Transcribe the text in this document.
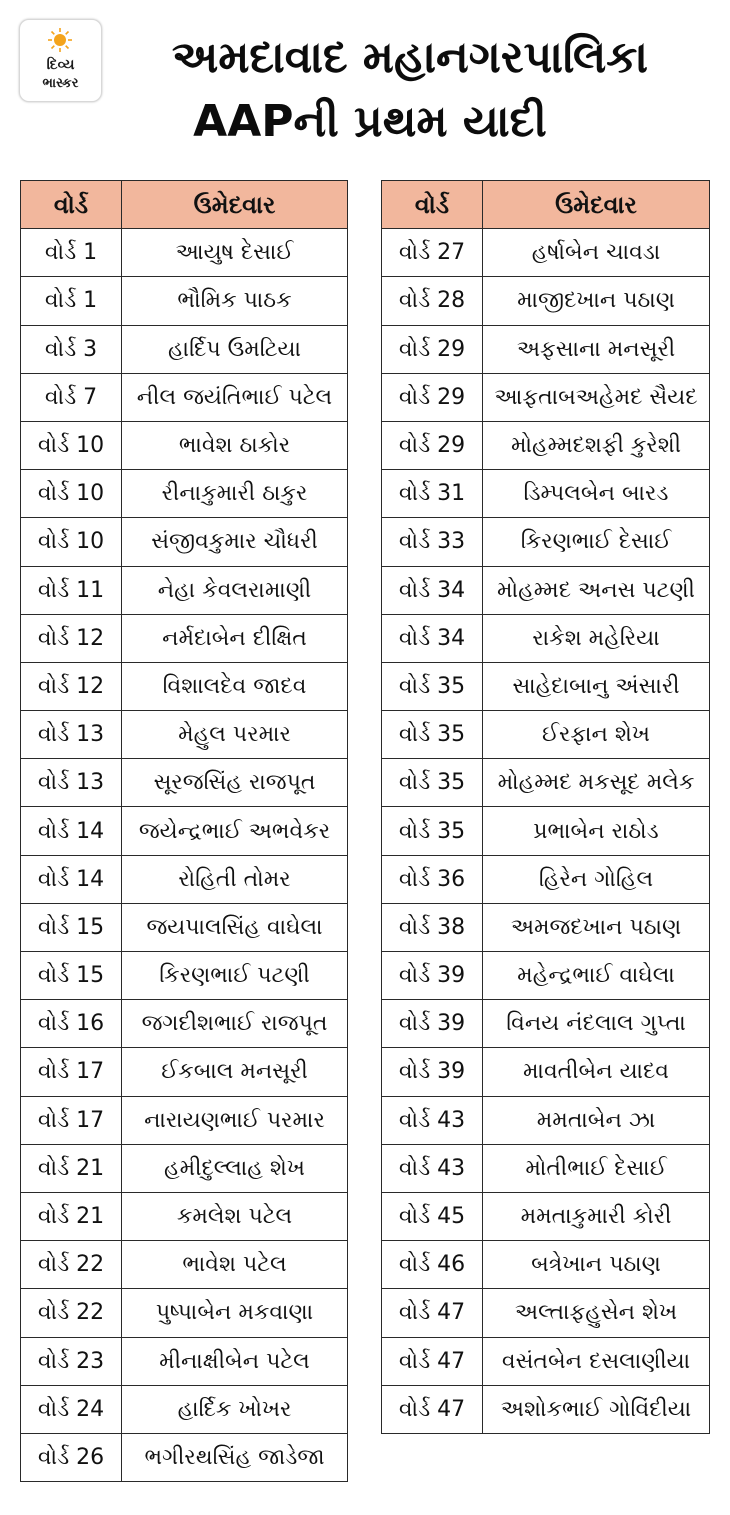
દિવ્ય
ભાસ્કર
અમદાવાદ મહાનગરપાલિકા
AAPની પ્રથમ યાદી
વોર્ડ	ઉમેદવાર
વોર્ડ 1	આયુષ દેસાઈ
વોર્ડ 1	ભૌમિક પાઠક
વોર્ડ 3	હાર્દિપ ઉમટિયા
વોર્ડ 7	નીલ જયંતિભાઈ પટેલ
વોર્ડ 10	ભાવેશ ઠાકોર
વોર્ડ 10	રીનાકુમારી ઠાકુર
વોર્ડ 10	સંજીવકુમાર ચૌધરી
વોર્ડ 11	નેહા કેવલરામાણી
વોર્ડ 12	નર્મદાબેન દીક્ષિત
વોર્ડ 12	વિશાલદેવ જાદવ
વોર્ડ 13	મેહુલ પરમાર
વોર્ડ 13	સૂરજસિંહ રાજપૂત
વોર્ડ 14	જયેન્દ્રભાઈ અભવેકર
વોર્ડ 14	રોહિતી તોમર
વોર્ડ 15	જયપાલસિંહ વાઘેલા
વોર્ડ 15	કિરણભાઈ પટણી
વોર્ડ 16	જગદીશભાઈ રાજપૂત
વોર્ડ 17	ઈકબાલ મનસૂરી
વોર્ડ 17	નારાયણભાઈ પરમાર
વોર્ડ 21	હમીદુલ્લાહ શેખ
વોર્ડ 21	કમલેશ પટેલ
વોર્ડ 22	ભાવેશ પટેલ
વોર્ડ 22	પુષ્પાબેન મકવાણા
વોર્ડ 23	મીનાક્ષીબેન પટેલ
વોર્ડ 24	હાર્દિક ખોખર
વોર્ડ 26	ભગીરથસિંહ જાડેજા
વોર્ડ	ઉમેદવાર
વોર્ડ 27	હર્ષાબેન ચાવડા
વોર્ડ 28	માજીદખાન પઠાણ
વોર્ડ 29	અફસાના મનસૂરી
વોર્ડ 29	આફતાબઅહેમદ સૈયદ
વોર્ડ 29	મોહમ્મદશફી કુરેશી
વોર્ડ 31	ડિમ્પલબેન બારડ
વોર્ડ 33	કિરણભાઈ દેસાઈ
વોર્ડ 34	મોહમ્મદ અનસ પટણી
વોર્ડ 34	રાકેશ મહેરિયા
વોર્ડ 35	સાહેદાબાનુ અંસારી
વોર્ડ 35	ઈરફાન શેખ
વોર્ડ 35	મોહમ્મદ મકસૂદ મલેક
વોર્ડ 35	પ્રભાબેન રાઠોડ
વોર્ડ 36	હિરેન ગોહિલ
વોર્ડ 38	અમજદખાન પઠાણ
વોર્ડ 39	મહેન્દ્રભાઈ વાઘેલા
વોર્ડ 39	વિનય નંદલાલ ગુપ્તા
વોર્ડ 39	માવતીબેન યાદવ
વોર્ડ 43	મમતાબેન ઝા
વોર્ડ 43	મોતીભાઈ દેસાઈ
વોર્ડ 45	મમતાકુમારી કોરી
વોર્ડ 46	બત્રેખાન પઠાણ
વોર્ડ 47	અલ્તાફહુસેન શેખ
વોર્ડ 47	વસંતબેન દસલાણીયા
વોર્ડ 47	અશોકભાઈ ગોવિંદીયા
